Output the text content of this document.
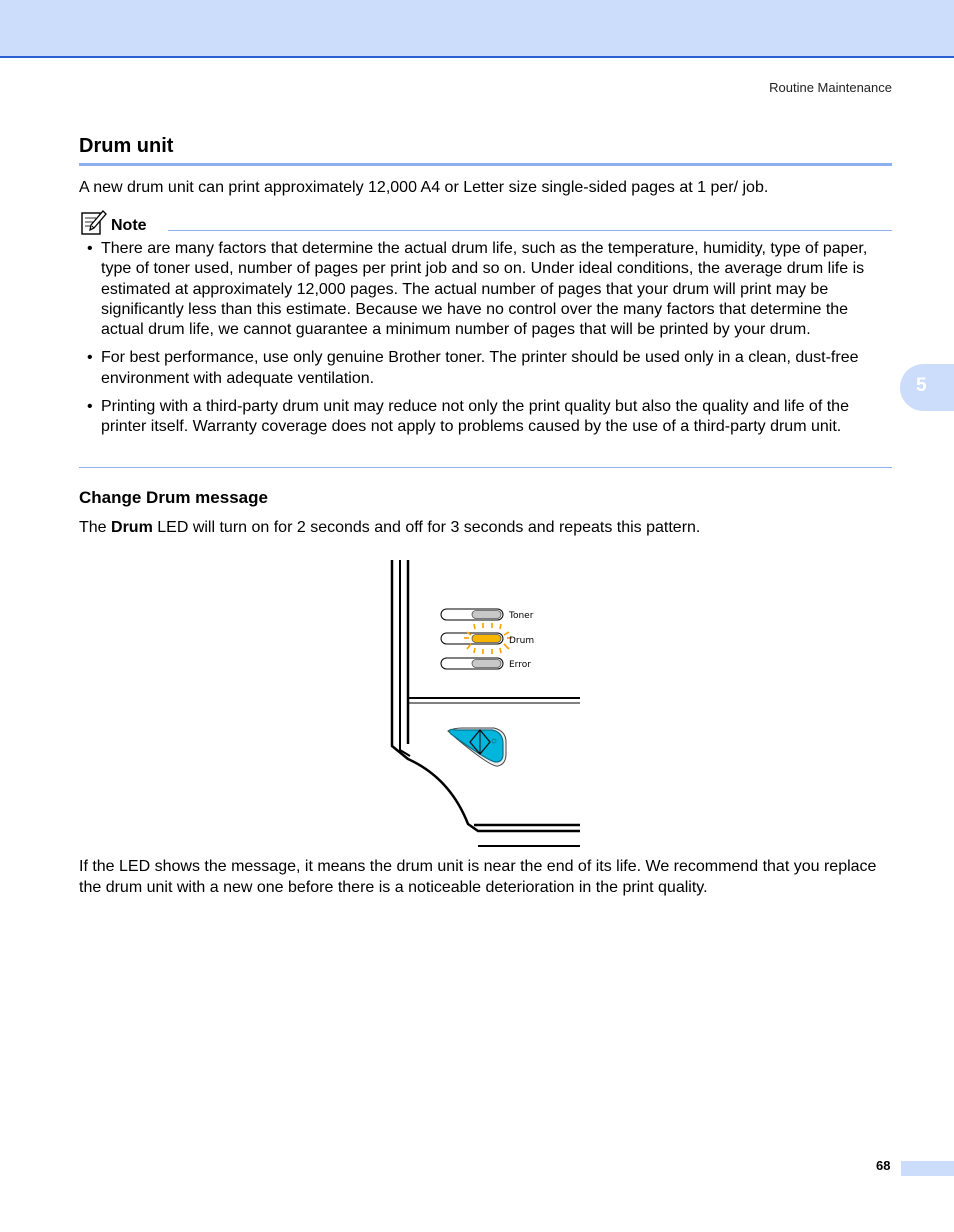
Routine Maintenance
Drum unit

A new drum unit can print approximately 12,000 A4 or Letter size single-sided pages at 1 per/ job.

Note
• There are many factors that determine the actual drum life, such as the temperature, humidity, type of paper, type of toner used, number of pages per print job and so on. Under ideal conditions, the average drum life is estimated at approximately 12,000 pages. The actual number of pages that your drum will print may be significantly less than this estimate. Because we have no control over the many factors that determine the actual drum life, we cannot guarantee a minimum number of pages that will be printed by your drum.
• For best performance, use only genuine Brother toner. The printer should be used only in a clean, dust-free environment with adequate ventilation.
• Printing with a third-party drum unit may reduce not only the print quality but also the quality and life of the printer itself. Warranty coverage does not apply to problems caused by the use of a third-party drum unit.
Change Drum message

The Drum LED will turn on for 2 seconds and off for 3 seconds and repeats this pattern.

Toner
Drum
Error

If the LED shows the message, it means the drum unit is near the end of its life. We recommend that you replace the drum unit with a new one before there is a noticeable deterioration in the print quality.

5
68
